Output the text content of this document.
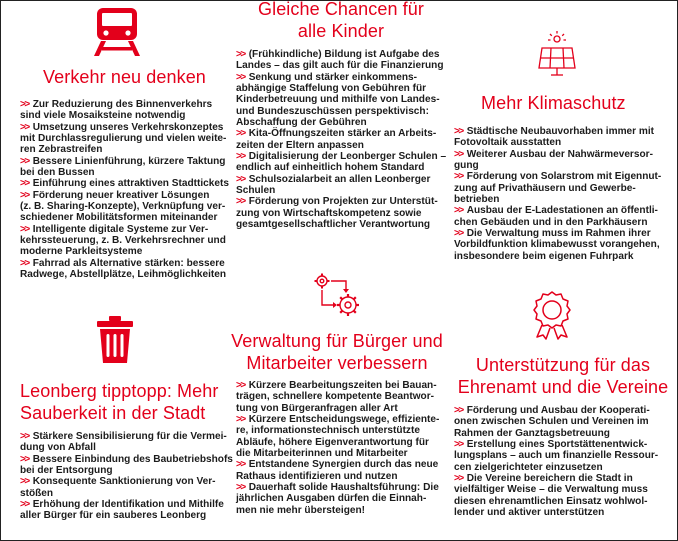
Verkehr neu denken
>> Zur Reduzierung des Binnenverkehrs
sind viele Mosaiksteine notwendig
>> Umsetzung unseres Verkehrskonzeptes
mit Durchlassregulierung und vielen weite-
ren Zebrastreifen
>> Bessere Linienführung, kürzere Taktung
bei den Bussen
>> Einführung eines attraktiven Stadttickets
>> Förderung neuer kreativer Lösungen
(z. B. Sharing-Konzepte), Verknüpfung ver-
schiedener Mobilitätsformen miteinander
>> Intelligente digitale Systeme zur Ver-
kehrssteuerung, z. B. Verkehrsrechner und
moderne Parkleitsysteme
>> Fahrrad als Alternative stärken: bessere
Radwege, Abstellplätze, Leihmöglichkeiten
Gleiche Chancen für
alle Kinder
>> (Frühkindliche) Bildung ist Aufgabe des
Landes – das gilt auch für die Finanzierung
>> Senkung und stärker einkommens-
abhängige Staffelung von Gebühren für
Kinderbetreuung und mithilfe von Landes-
und Bundeszuschüssen perspektivisch:
Abschaffung der Gebühren
>> Kita-Öffnungszeiten stärker an Arbeits-
zeiten der Eltern anpassen
>> Digitalisierung der Leonberger Schulen –
endlich auf einheitlich hohem Standard
>> Schulsozialarbeit an allen Leonberger
Schulen
>> Förderung von Projekten zur Unterstüt-
zung von Wirtschaftskompetenz sowie
gesamtgesellschaftlicher Verantwortung
Mehr Klimaschutz
>> Städtische Neubauvorhaben immer mit
Fotovoltaik ausstatten
>> Weiterer Ausbau der Nahwärmeversor-
gung
>> Förderung von Solarstrom mit Eigennut-
zung auf Privathäusern und Gewerbe-
betrieben
>> Ausbau der E-Ladestationen an öffentli-
chen Gebäuden und in den Parkhäusern
>> Die Verwaltung muss im Rahmen ihrer
Vorbildfunktion klimabewusst vorangehen,
insbesondere beim eigenen Fuhrpark
Leonberg tipptopp: Mehr
Sauberkeit in der Stadt
>> Stärkere Sensibilisierung für die Vermei-
dung von Abfall
>> Bessere Einbindung des Baubetriebshofs
bei der Entsorgung
>> Konsequente Sanktionierung von Ver-
stößen
>> Erhöhung der Identifikation und Mithilfe
aller Bürger für ein sauberes Leonberg
Verwaltung für Bürger und
Mitarbeiter verbessern
>> Kürzere Bearbeitungszeiten bei Bauan-
trägen, schnellere kompetente Beantwor-
tung von Bürgeranfragen aller Art
>> Kürzere Entscheidungswege, effiziente-
re, informationstechnisch unterstützte
Abläufe, höhere Eigenverantwortung für
die Mitarbeiterinnen und Mitarbeiter
>> Entstandene Synergien durch das neue
Rathaus identifizieren und nutzen
>> Dauerhaft solide Haushaltsführung: Die
jährlichen Ausgaben dürfen die Einnah-
men nie mehr übersteigen!
Unterstützung für das
Ehrenamt und die Vereine
>> Förderung und Ausbau der Kooperati-
onen zwischen Schulen und Vereinen im
Rahmen der Ganztagsbetreuung
>> Erstellung eines Sportstättenentwick-
lungsplans – auch um finanzielle Ressour-
cen zielgerichteter einzusetzen
>> Die Vereine bereichern die Stadt in
vielfältiger Weise – die Verwaltung muss
diesen ehrenamtlichen Einsatz wohlwol-
lender und aktiver unterstützen
